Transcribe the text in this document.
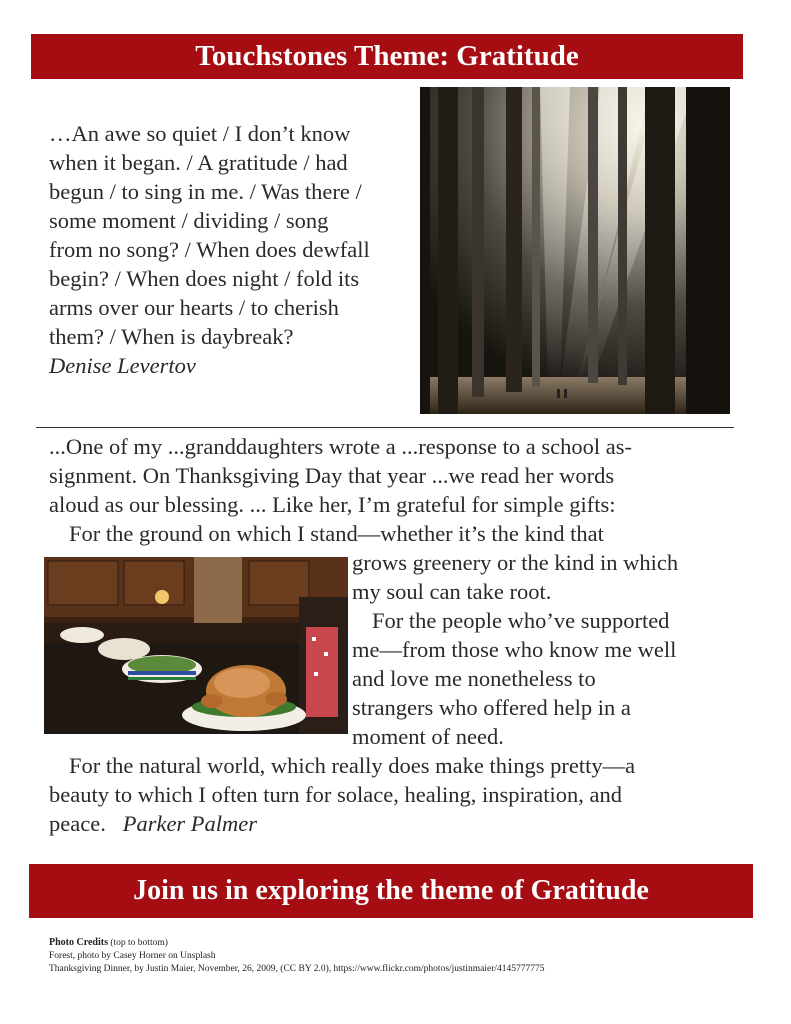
Touchstones Theme: Gratitude
…An awe so quiet / I don’t know
when it began. / A gratitude / had
begun / to sing in me. / Was there /
some moment / dividing / song
from no song? / When does dewfall
begin? / When does night / fold its
arms over our hearts / to cherish
them? / When is daybreak?
Denise Levertov
...One of my ...granddaughters wrote a ...response to a school as-
signment. On Thanksgiving Day that year ...we read her words
aloud as our blessing. ... Like her, I’m grateful for simple gifts:
For the ground on which I stand—whether it’s the kind that
grows greenery or the kind in which
my soul can take root.
For the people who’ve supported
me—from those who know me well
and love me nonetheless to
strangers who offered help in a
moment of need.
For the natural world, which really does make things pretty—a
beauty to which I often turn for solace, healing, inspiration, and
peace. Parker Palmer
Join us in exploring the theme of Gratitude
Photo Credits (top to bottom)
Forest, photo by Casey Horner on Unsplash
Thanksgiving Dinner, by Justin Maier, November, 26, 2009, (CC BY 2.0), https://www.flickr.com/photos/justinmaier/4145777775
